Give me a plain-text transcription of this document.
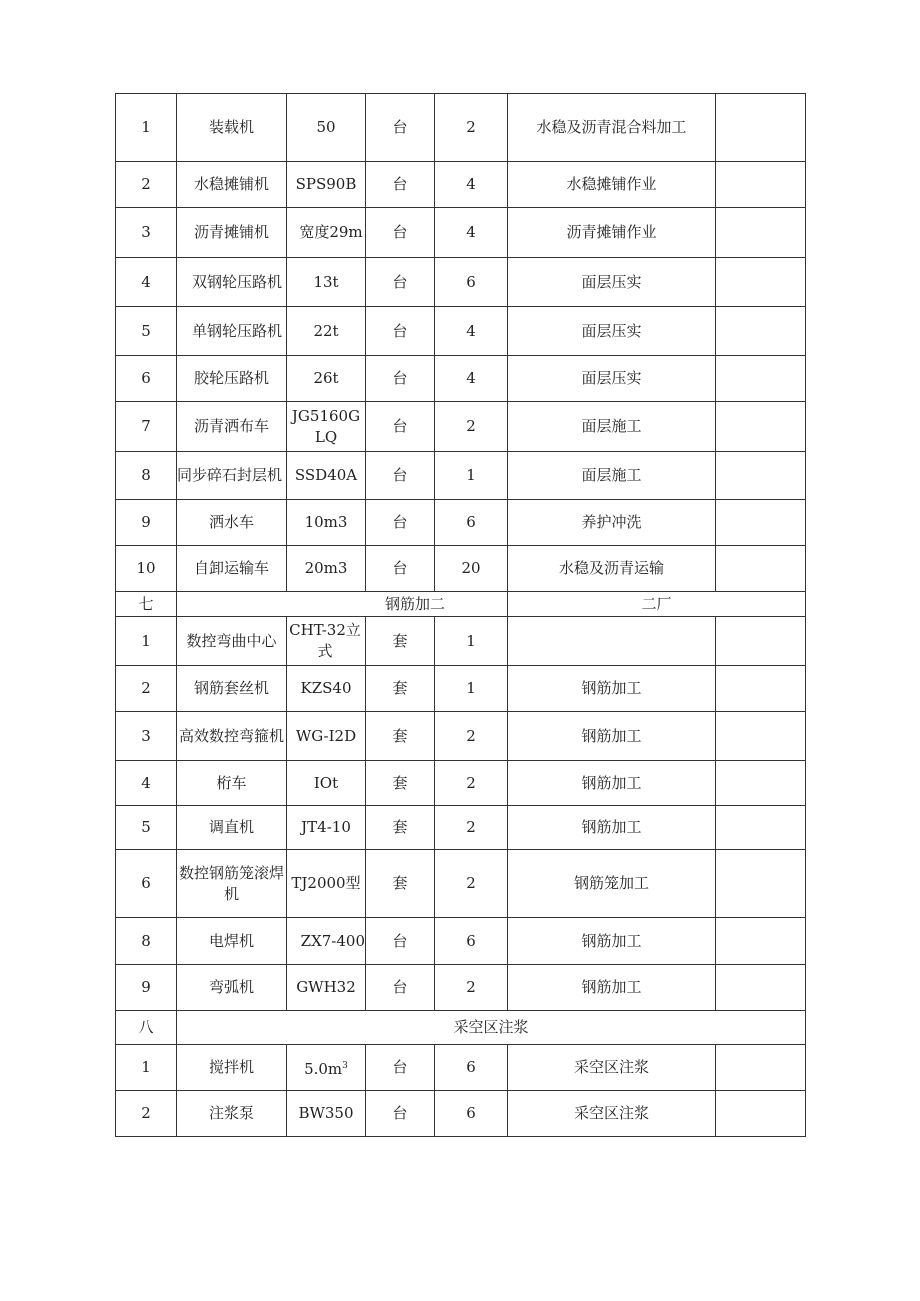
1	装载机	50	台	2	水稳及沥青混合料加工	
2	水稳摊铺机	SPS90B	台	4	水稳摊铺作业	
3	沥青摊铺机	宽度29m	台	4	沥青摊铺作业	
4	双钢轮压路机	13t	台	6	面层压实	
5	单钢轮压路机	22t	台	4	面层压实	
6	胶轮压路机	26t	台	4	面层压实	
7	沥青洒布车	JG5160GLQ	台	2	面层施工	
8	同步碎石封层机	SSD40A	台	1	面层施工	
9	洒水车	10m3	台	6	养护冲洗	
10	自卸运输车	20m3	台	20	水稳及沥青运输	
七	钢筋加二				二厂	
1	数控弯曲中心	CHT-32立式	套	1		
2	钢筋套丝机	KZS40	套	1	钢筋加工	
3	高效数控弯箍机	WG-I2D	套	2	钢筋加工	
4	桁车	IOt	套	2	钢筋加工	
5	调直机	JT4-10	套	2	钢筋加工	
6	数控钢筋笼滚焊机	TJ2000型	套	2	钢筋笼加工	
8	电焊机	ZX7-400	台	6	钢筋加工	
9	弯弧机	GWH32	台	2	钢筋加工	
八	采空区注浆					
1	搅拌机	$5.0m^3$	台	6	采空区注浆	
2	注浆泵	BW350	台	6	采空区注浆	
